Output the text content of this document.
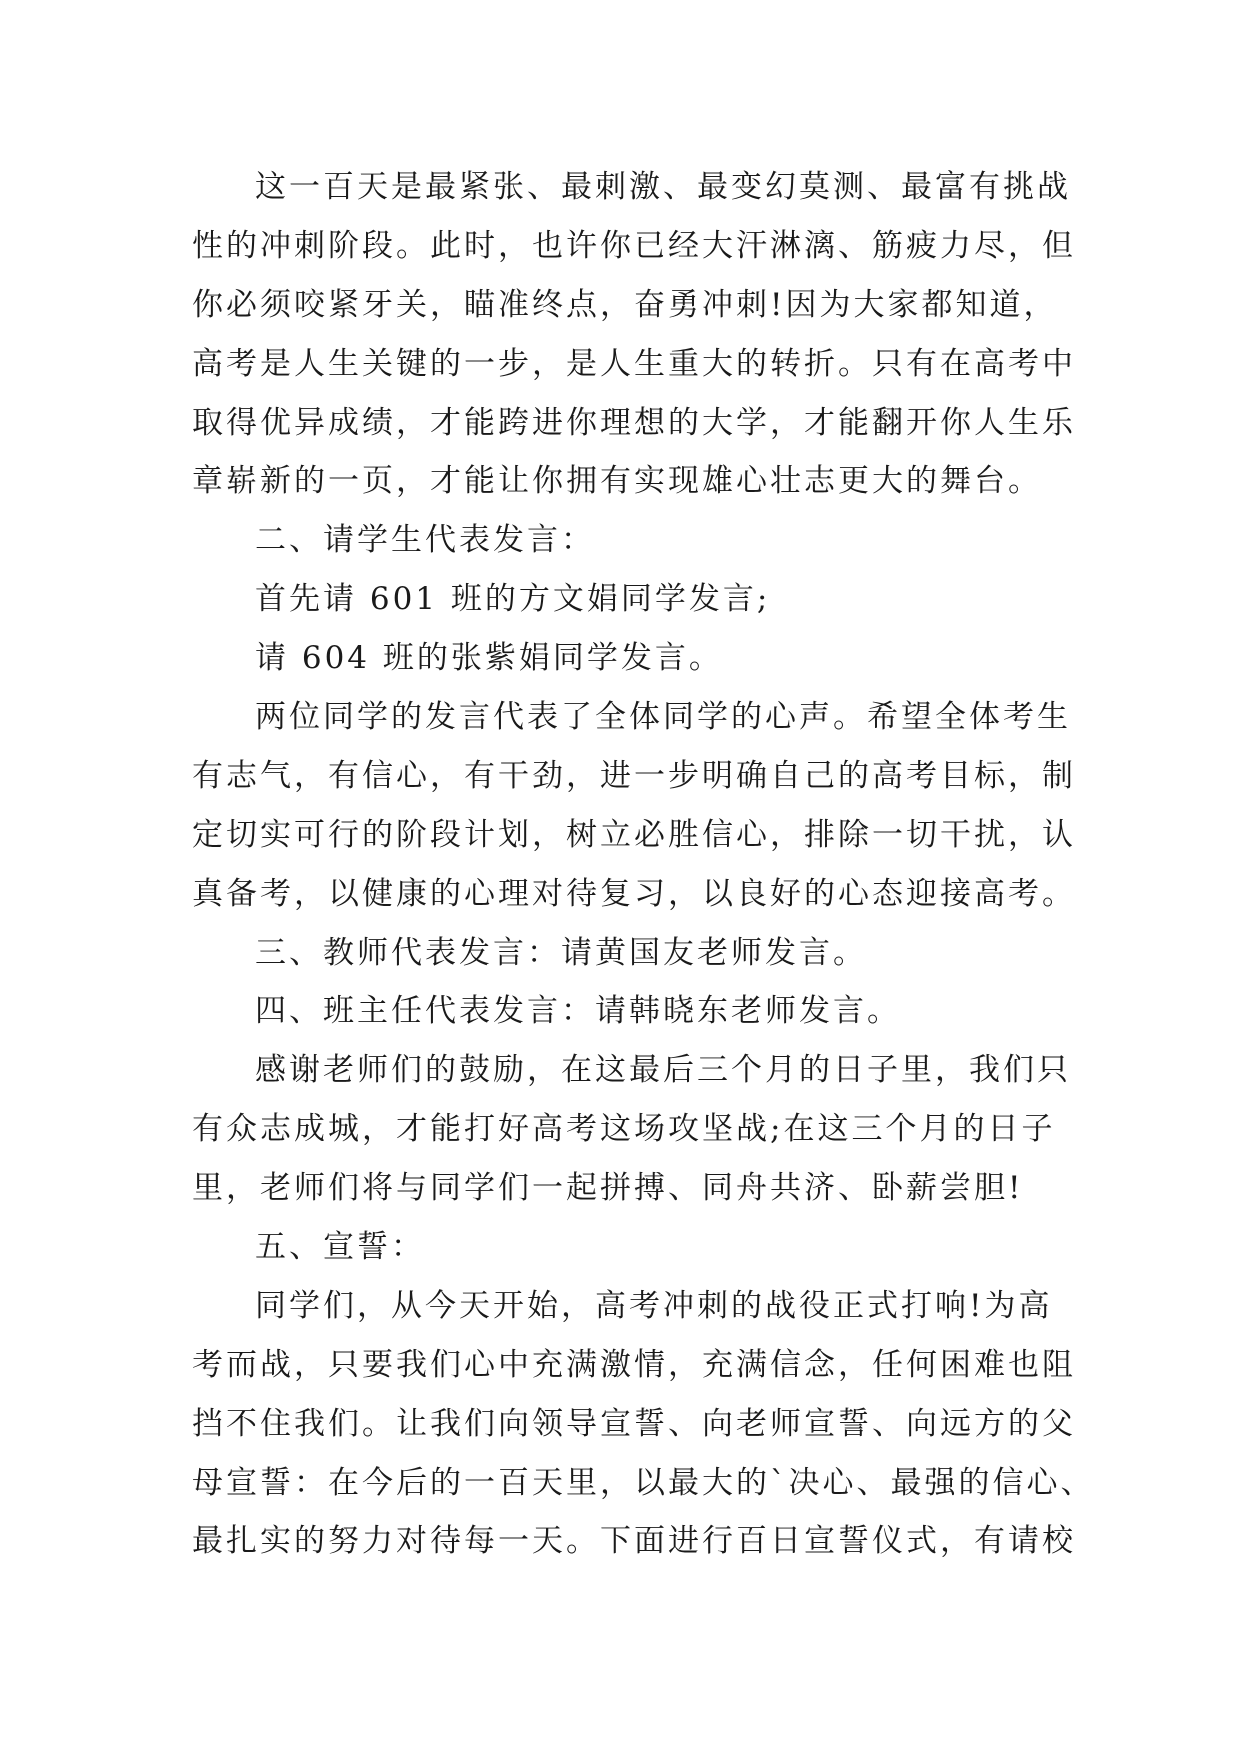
这一百天是最紧张、最刺激、最变幻莫测、最富有挑战
性的冲刺阶段。此时，也许你已经大汗淋漓、筋疲力尽，但
你必须咬紧牙关，瞄准终点，奋勇冲刺!因为大家都知道，
高考是人生关键的一步，是人生重大的转折。只有在高考中
取得优异成绩，才能跨进你理想的大学，才能翻开你人生乐
章崭新的一页，才能让你拥有实现雄心壮志更大的舞台。
二、请学生代表发言：
首先请 601 班的方文娟同学发言;
请 604 班的张紫娟同学发言。
两位同学的发言代表了全体同学的心声。希望全体考生
有志气，有信心，有干劲，进一步明确自己的高考目标，制
定切实可行的阶段计划，树立必胜信心，排除一切干扰，认
真备考，以健康的心理对待复习，以良好的心态迎接高考。
三、教师代表发言：请黄国友老师发言。
四、班主任代表发言：请韩晓东老师发言。
感谢老师们的鼓励，在这最后三个月的日子里，我们只
有众志成城，才能打好高考这场攻坚战;在这三个月的日子
里，老师们将与同学们一起拼搏、同舟共济、卧薪尝胆!
五、宣誓：
同学们，从今天开始，高考冲刺的战役正式打响!为高
考而战，只要我们心中充满激情，充满信念，任何困难也阻
挡不住我们。让我们向领导宣誓、向老师宣誓、向远方的父
母宣誓：在今后的一百天里，以最大的`决心、最强的信心、
最扎实的努力对待每一天。下面进行百日宣誓仪式，有请校
